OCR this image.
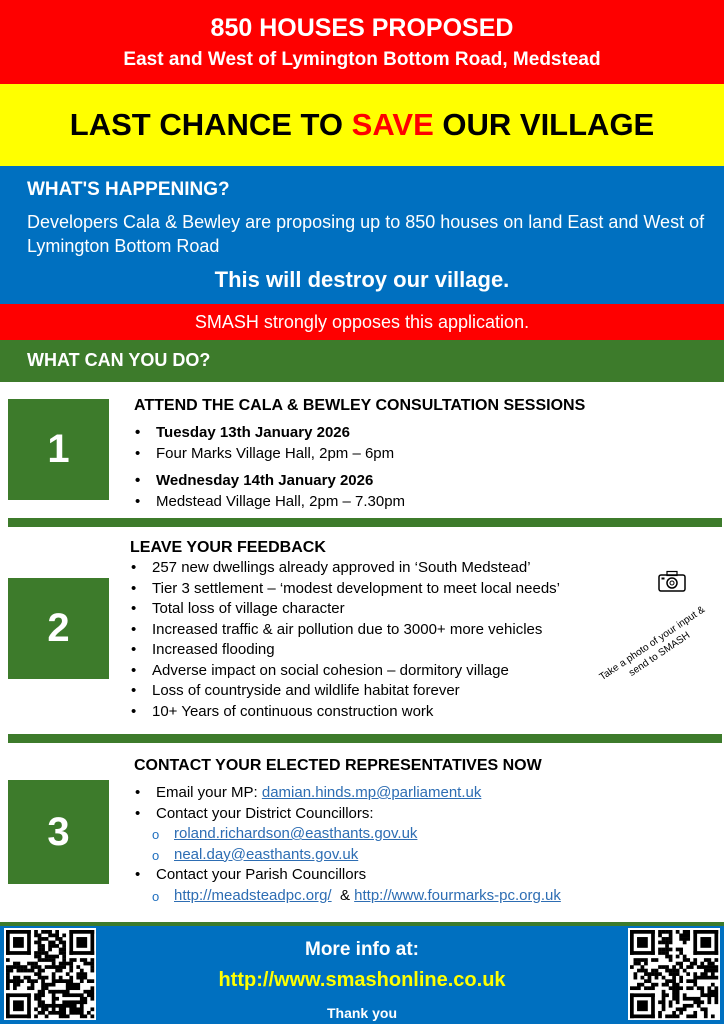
850 HOUSES PROPOSED
East and West of Lymington Bottom Road, Medstead
LAST CHANCE TO SAVE OUR VILLAGE
WHAT'S HAPPENING?
Developers Cala & Bewley are proposing up to 850 houses on land East and West of Lymington Bottom Road
This will destroy our village.
SMASH strongly opposes this application.
WHAT CAN YOU DO?
1
ATTEND THE CALA & BEWLEY CONSULTATION SESSIONS
• Tuesday 13th January 2026
• Four Marks Village Hall, 2pm – 6pm
• Wednesday 14th January 2026
• Medstead Village Hall, 2pm – 7.30pm
2
LEAVE YOUR FEEDBACK
• 257 new dwellings already approved in ‘South Medstead’
• Tier 3 settlement – ‘modest development to meet local needs’
• Total loss of village character
• Increased traffic & air pollution due to 3000+ more vehicles
• Increased flooding
• Adverse impact on social cohesion – dormitory village
• Loss of countryside and wildlife habitat forever
• 10+ Years of continuous construction work
Take a photo of your input & send to SMASH
3
CONTACT YOUR ELECTED REPRESENTATIVES NOW
• Email your MP: damian.hinds.mp@parliament.uk
• Contact your District Councillors:
o roland.richardson@easthants.gov.uk
o neal.day@easthants.gov.uk
• Contact your Parish Councillors
o http://meadsteadpc.org/ & http://www.fourmarks-pc.org.uk
More info at:
http://www.smashonline.co.uk
Thank you
